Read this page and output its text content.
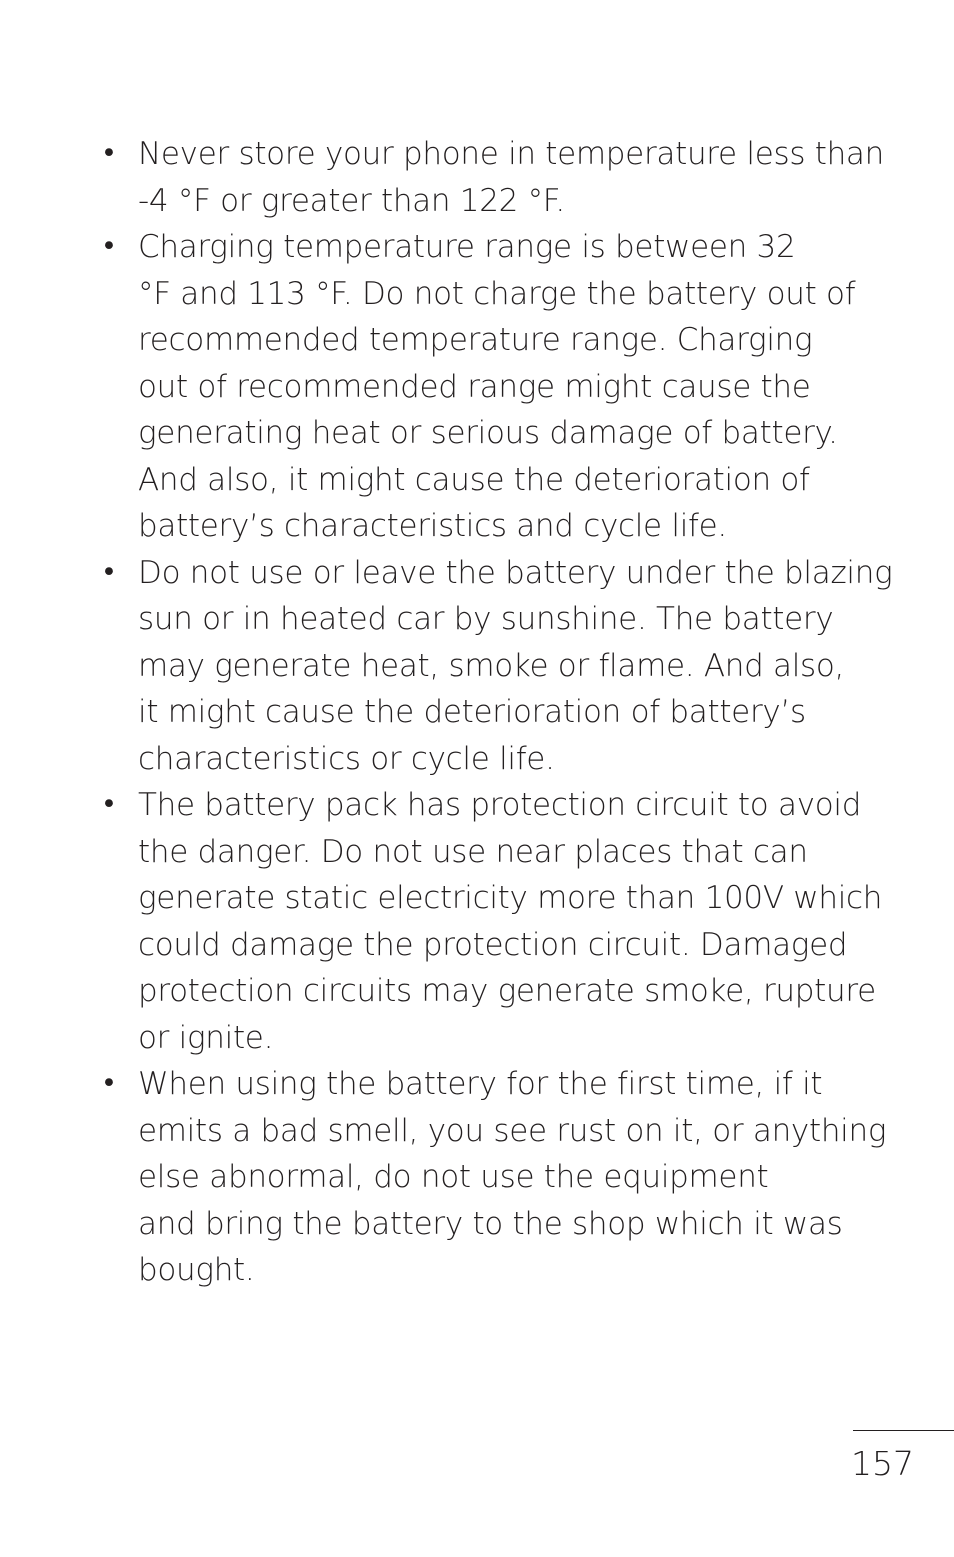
• Never store your phone in temperature less than
-4 °F or greater than 122 °F.
• Charging temperature range is between 32
°F and 113 °F. Do not charge the battery out of
recommended temperature range. Charging
out of recommended range might cause the
generating heat or serious damage of battery.
And also, it might cause the deterioration of
battery’s characteristics and cycle life.
• Do not use or leave the battery under the blazing
sun or in heated car by sunshine. The battery
may generate heat, smoke or flame. And also,
it might cause the deterioration of battery’s
characteristics or cycle life.
• The battery pack has protection circuit to avoid
the danger. Do not use near places that can
generate static electricity more than 100V which
could damage the protection circuit. Damaged
protection circuits may generate smoke, rupture
or ignite.
• When using the battery for the first time, if it
emits a bad smell, you see rust on it, or anything
else abnormal, do not use the equipment
and bring the battery to the shop which it was
bought.
157
